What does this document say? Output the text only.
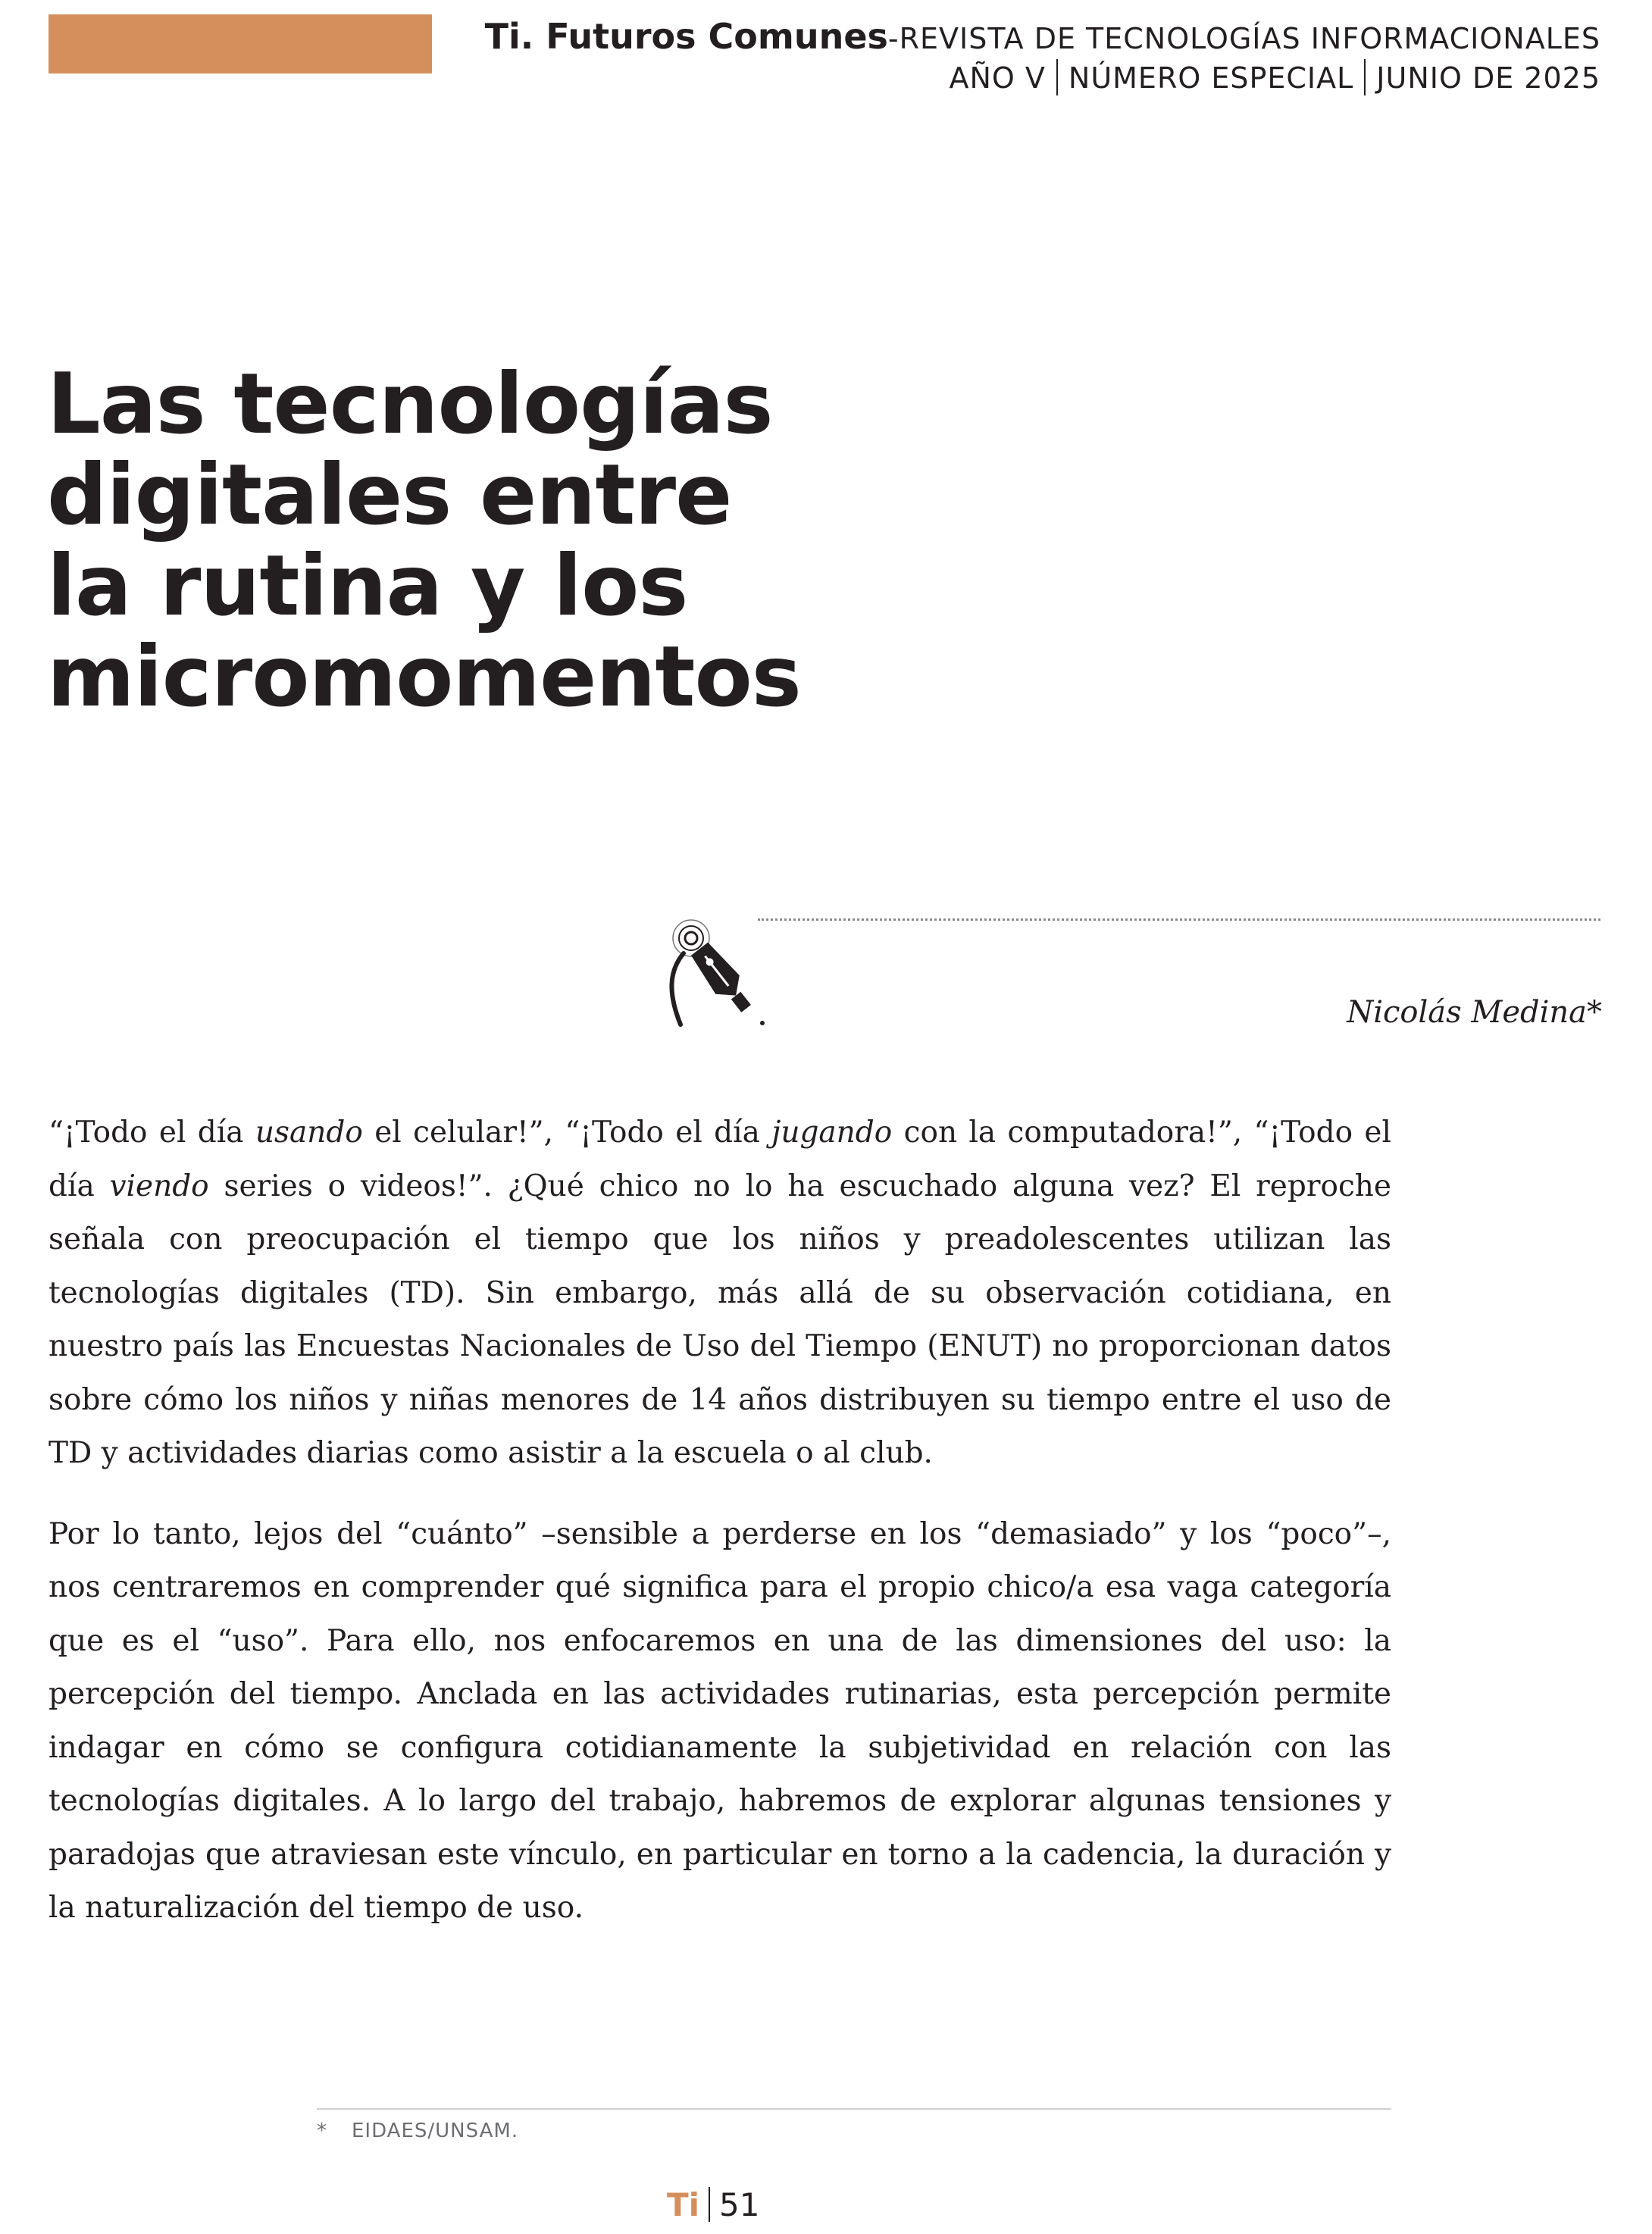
Ti. Futuros Comunes-REVISTA DE TECNOLOGÍAS INFORMACIONALES
AÑO V NÚMERO ESPECIAL JUNIO DE 2025
Las tecnologías
digitales entre
la rutina y los
micromomentos
Nicolás Medina*

“¡Todo el día usando el celular!”, “¡Todo el día jugando con la computadora!”, “¡Todo el día viendo series o videos!”. ¿Qué chico no lo ha escuchado alguna vez? El reproche señala con preocupación el tiempo que los niños y preadolescentes utilizan las tecnologías digitales (TD). Sin embargo, más allá de su observación cotidiana, en nuestro país las Encuestas Nacionales de Uso del Tiempo (ENUT) no proporcionan datos sobre cómo los niños y niñas menores de 14 años distribuyen su tiempo entre el uso de TD y actividades diarias como asistir a la escuela o al club.

Por lo tanto, lejos del “cuánto” –sensible a perderse en los “demasiado” y los “poco”–, nos centraremos en comprender qué significa para el propio chico/a esa vaga categoría que es el “uso”. Para ello, nos enfocaremos en una de las dimensiones del uso: la percepción del tiempo. Anclada en las actividades rutinarias, esta percepción permite indagar en cómo se configura cotidianamente la subjetividad en relación con las tecnologías digitales. A lo largo del trabajo, habremos de explorar algunas tensiones y paradojas que atraviesan este vínculo, en particular en torno a la cadencia, la duración y la naturalización del tiempo de uso.

* EIDAES/UNSAM.
Ti 51
